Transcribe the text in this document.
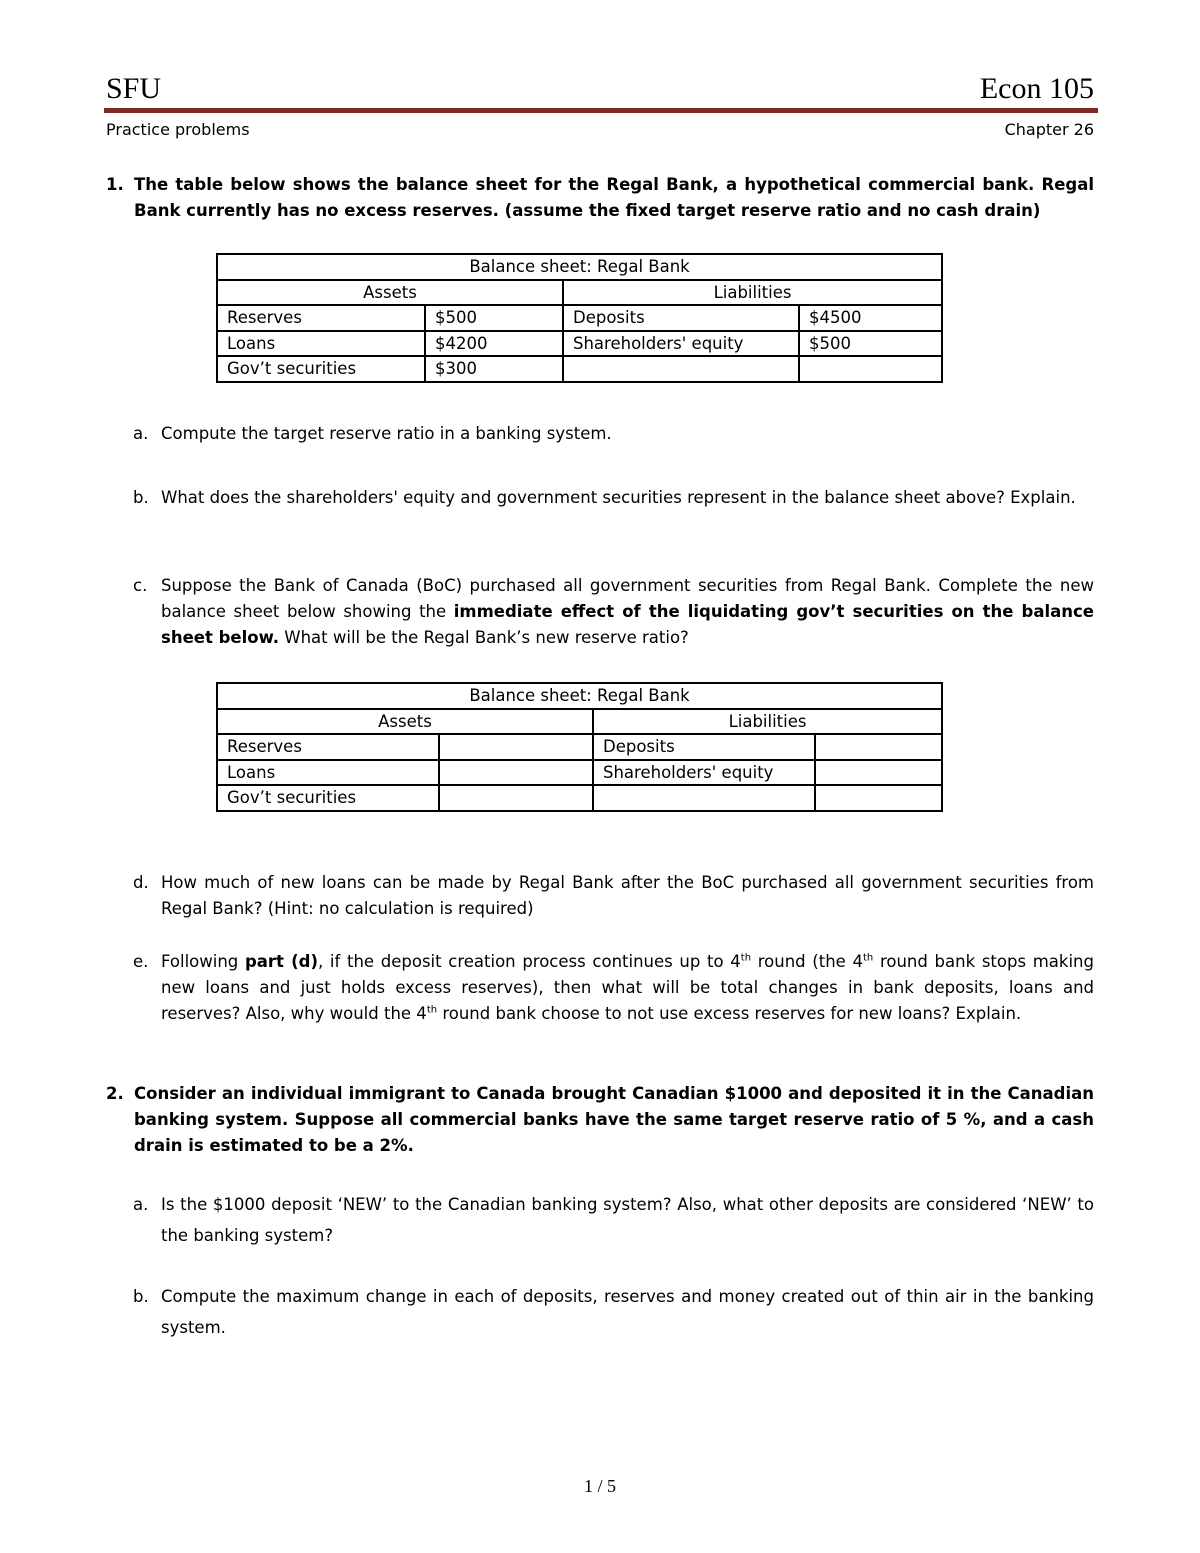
SFU	Econ 105
Practice problems	Chapter 26
1. The table below shows the balance sheet for the Regal Bank, a hypothetical commercial bank. Regal Bank currently has no excess reserves. (assume the fixed target reserve ratio and no cash drain)
Balance sheet: Regal Bank			
Assets		Liabilities	
Reserves	$500	Deposits	$4500
Loans	$4200	Shareholders' equity	$500
Gov’t securities	$300		
a. Compute the target reserve ratio in a banking system.
b. What does the shareholders' equity and government securities represent in the balance sheet above? Explain.
c. Suppose the Bank of Canada (BoC) purchased all government securities from Regal Bank. Complete the new balance sheet below showing the immediate effect of the liquidating gov’t securities on the balance sheet below. What will be the Regal Bank’s new reserve ratio?
Balance sheet: Regal Bank			
Assets		Liabilities	
Reserves		Deposits	
Loans		Shareholders' equity	
Gov’t securities			
d. How much of new loans can be made by Regal Bank after the BoC purchased all government securities from Regal Bank? (Hint: no calculation is required)
e. Following part (d), if the deposit creation process continues up to 4th round (the 4th round bank stops making new loans and just holds excess reserves), then what will be total changes in bank deposits, loans and reserves? Also, why would the 4th round bank choose to not use excess reserves for new loans? Explain.
2. Consider an individual immigrant to Canada brought Canadian $1000 and deposited it in the Canadian banking system. Suppose all commercial banks have the same target reserve ratio of 5 %, and a cash drain is estimated to be a 2%.
a. Is the $1000 deposit ‘NEW’ to the Canadian banking system? Also, what other deposits are considered ‘NEW’ to the banking system?
b. Compute the maximum change in each of deposits, reserves and money created out of thin air in the banking system.
1 / 5
